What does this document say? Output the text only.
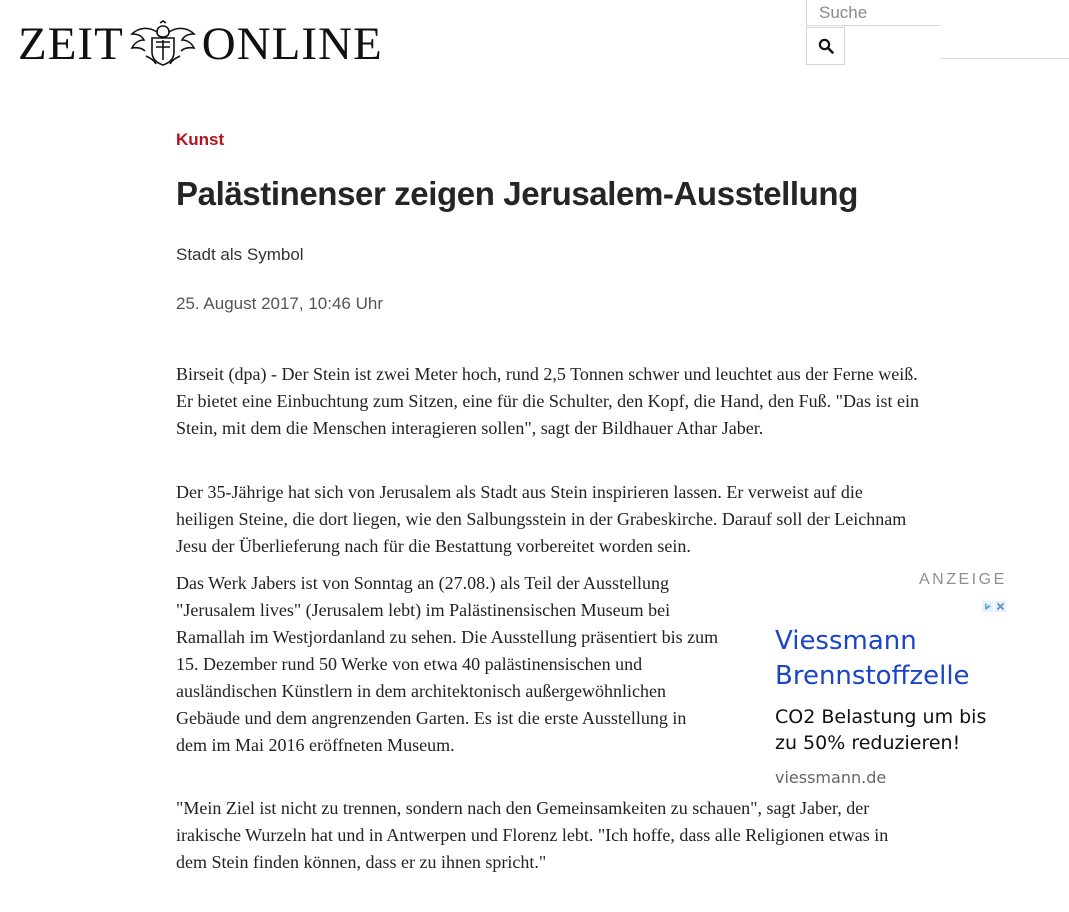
ZEIT ONLINE
Suche
Kunst
Palästinenser zeigen Jerusalem-Ausstellung
Stadt als Symbol
25. August 2017, 10:46 Uhr

Birseit (dpa) - Der Stein ist zwei Meter hoch, rund 2,5 Tonnen schwer und leuchtet aus der Ferne weiß. Er bietet eine Einbuchtung zum Sitzen, eine für die Schulter, den Kopf, die Hand, den Fuß. "Das ist ein Stein, mit dem die Menschen interagieren sollen", sagt der Bildhauer Athar Jaber.

Der 35-Jährige hat sich von Jerusalem als Stadt aus Stein inspirieren lassen. Er verweist auf die heiligen Steine, die dort liegen, wie den Salbungsstein in der Grabeskirche. Darauf soll der Leichnam Jesu der Überlieferung nach für die Bestattung vorbereitet worden sein.

Das Werk Jabers ist von Sonntag an (27.08.) als Teil der Ausstellung "Jerusalem lives" (Jerusalem lebt) im Palästinensischen Museum bei Ramallah im Westjordanland zu sehen. Die Ausstellung präsentiert bis zum 15. Dezember rund 50 Werke von etwa 40 palästinensischen und ausländischen Künstlern in dem architektonisch außergewöhnlichen Gebäude und dem angrenzenden Garten. Es ist die erste Ausstellung in dem im Mai 2016 eröffneten Museum.

"Mein Ziel ist nicht zu trennen, sondern nach den Gemeinsamkeiten zu schauen", sagt Jaber, der irakische Wurzeln hat und in Antwerpen und Florenz lebt. "Ich hoffe, dass alle Religionen etwas in dem Stein finden können, dass er zu ihnen spricht."

ANZEIGE
Viessmann Brennstoffzelle
CO2 Belastung um bis zu 50% reduzieren!
viessmann.de
